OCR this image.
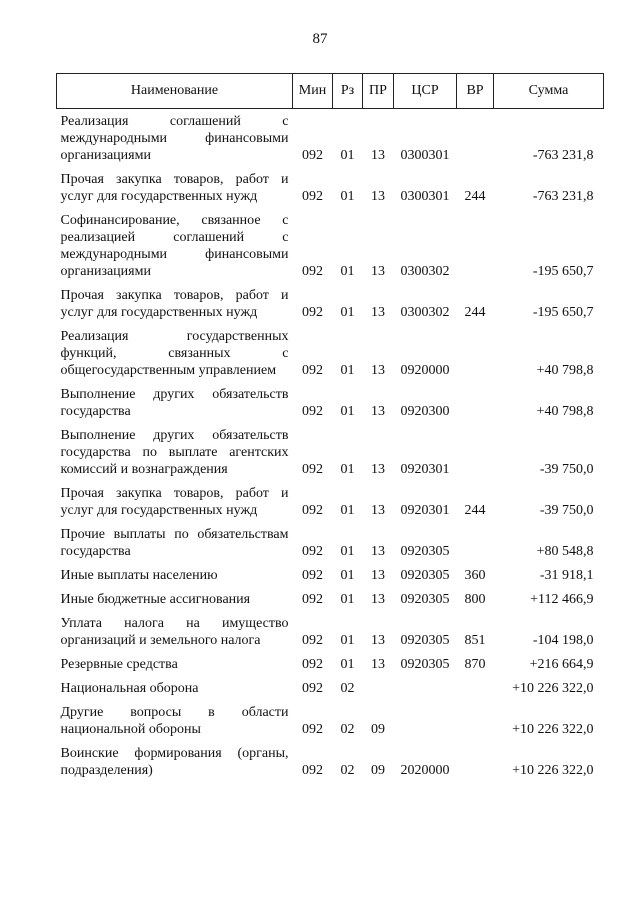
87
Наименование	Мин	Рз	ПР	ЦСР	ВР	Сумма
Реализация соглашений с международными финансовыми организациями	092	01	13	0300301		-763 231,8
Прочая закупка товаров, работ и услуг для государственных нужд	092	01	13	0300301	244	-763 231,8
Софинансирование, связанное с реализацией соглашений с международными финансовыми организациями	092	01	13	0300302		-195 650,7
Прочая закупка товаров, работ и услуг для государственных нужд	092	01	13	0300302	244	-195 650,7
Реализация государственных функций, связанных с общегосударственным управлением	092	01	13	0920000		+40 798,8
Выполнение других обязательств государства	092	01	13	0920300		+40 798,8
Выполнение других обязательств государства по выплате агентских комиссий и вознаграждения	092	01	13	0920301		-39 750,0
Прочая закупка товаров, работ и услуг для государственных нужд	092	01	13	0920301	244	-39 750,0
Прочие выплаты по обязательствам государства	092	01	13	0920305		+80 548,8
Иные выплаты населению	092	01	13	0920305	360	-31 918,1
Иные бюджетные ассигнования	092	01	13	0920305	800	+112 466,9
Уплата налога на имущество организаций и земельного налога	092	01	13	0920305	851	-104 198,0
Резервные средства	092	01	13	0920305	870	+216 664,9
Национальная оборона	092	02				+10 226 322,0
Другие вопросы в области национальной обороны	092	02	09			+10 226 322,0
Воинские формирования (органы, подразделения)	092	02	09	2020000		+10 226 322,0
